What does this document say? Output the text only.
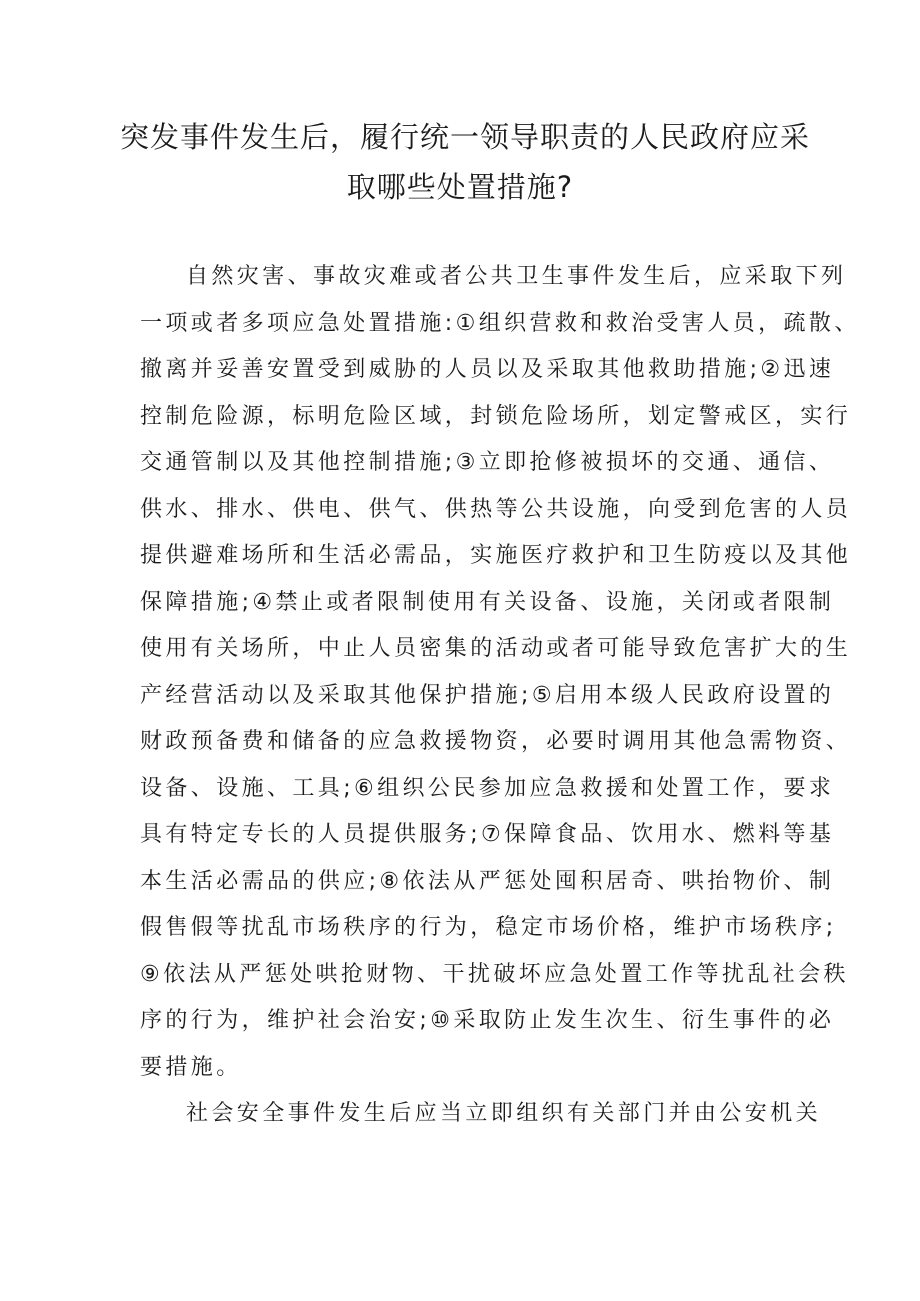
突发事件发生后，履行统一领导职责的人民政府应采
取哪些处置措施?
自然灾害、事故灾难或者公共卫生事件发生后，应采取下列
一项或者多项应急处置措施:①组织营救和救治受害人员，疏散、
撤离并妥善安置受到威胁的人员以及采取其他救助措施;②迅速
控制危险源，标明危险区域，封锁危险场所，划定警戒区，实行
交通管制以及其他控制措施;③立即抢修被损坏的交通、通信、
供水、排水、供电、供气、供热等公共设施，向受到危害的人员
提供避难场所和生活必需品，实施医疗救护和卫生防疫以及其他
保障措施;④禁止或者限制使用有关设备、设施，关闭或者限制
使用有关场所，中止人员密集的活动或者可能导致危害扩大的生
产经营活动以及采取其他保护措施;⑤启用本级人民政府设置的
财政预备费和储备的应急救援物资，必要时调用其他急需物资、
设备、设施、工具;⑥组织公民参加应急救援和处置工作，要求
具有特定专长的人员提供服务;⑦保障食品、饮用水、燃料等基
本生活必需品的供应;⑧依法从严惩处囤积居奇、哄抬物价、制
假售假等扰乱市场秩序的行为，稳定市场价格，维护市场秩序;
⑨依法从严惩处哄抢财物、干扰破坏应急处置工作等扰乱社会秩
序的行为，维护社会治安;⑩采取防止发生次生、衍生事件的必
要措施。
社会安全事件发生后应当立即组织有关部门并由公安机关
